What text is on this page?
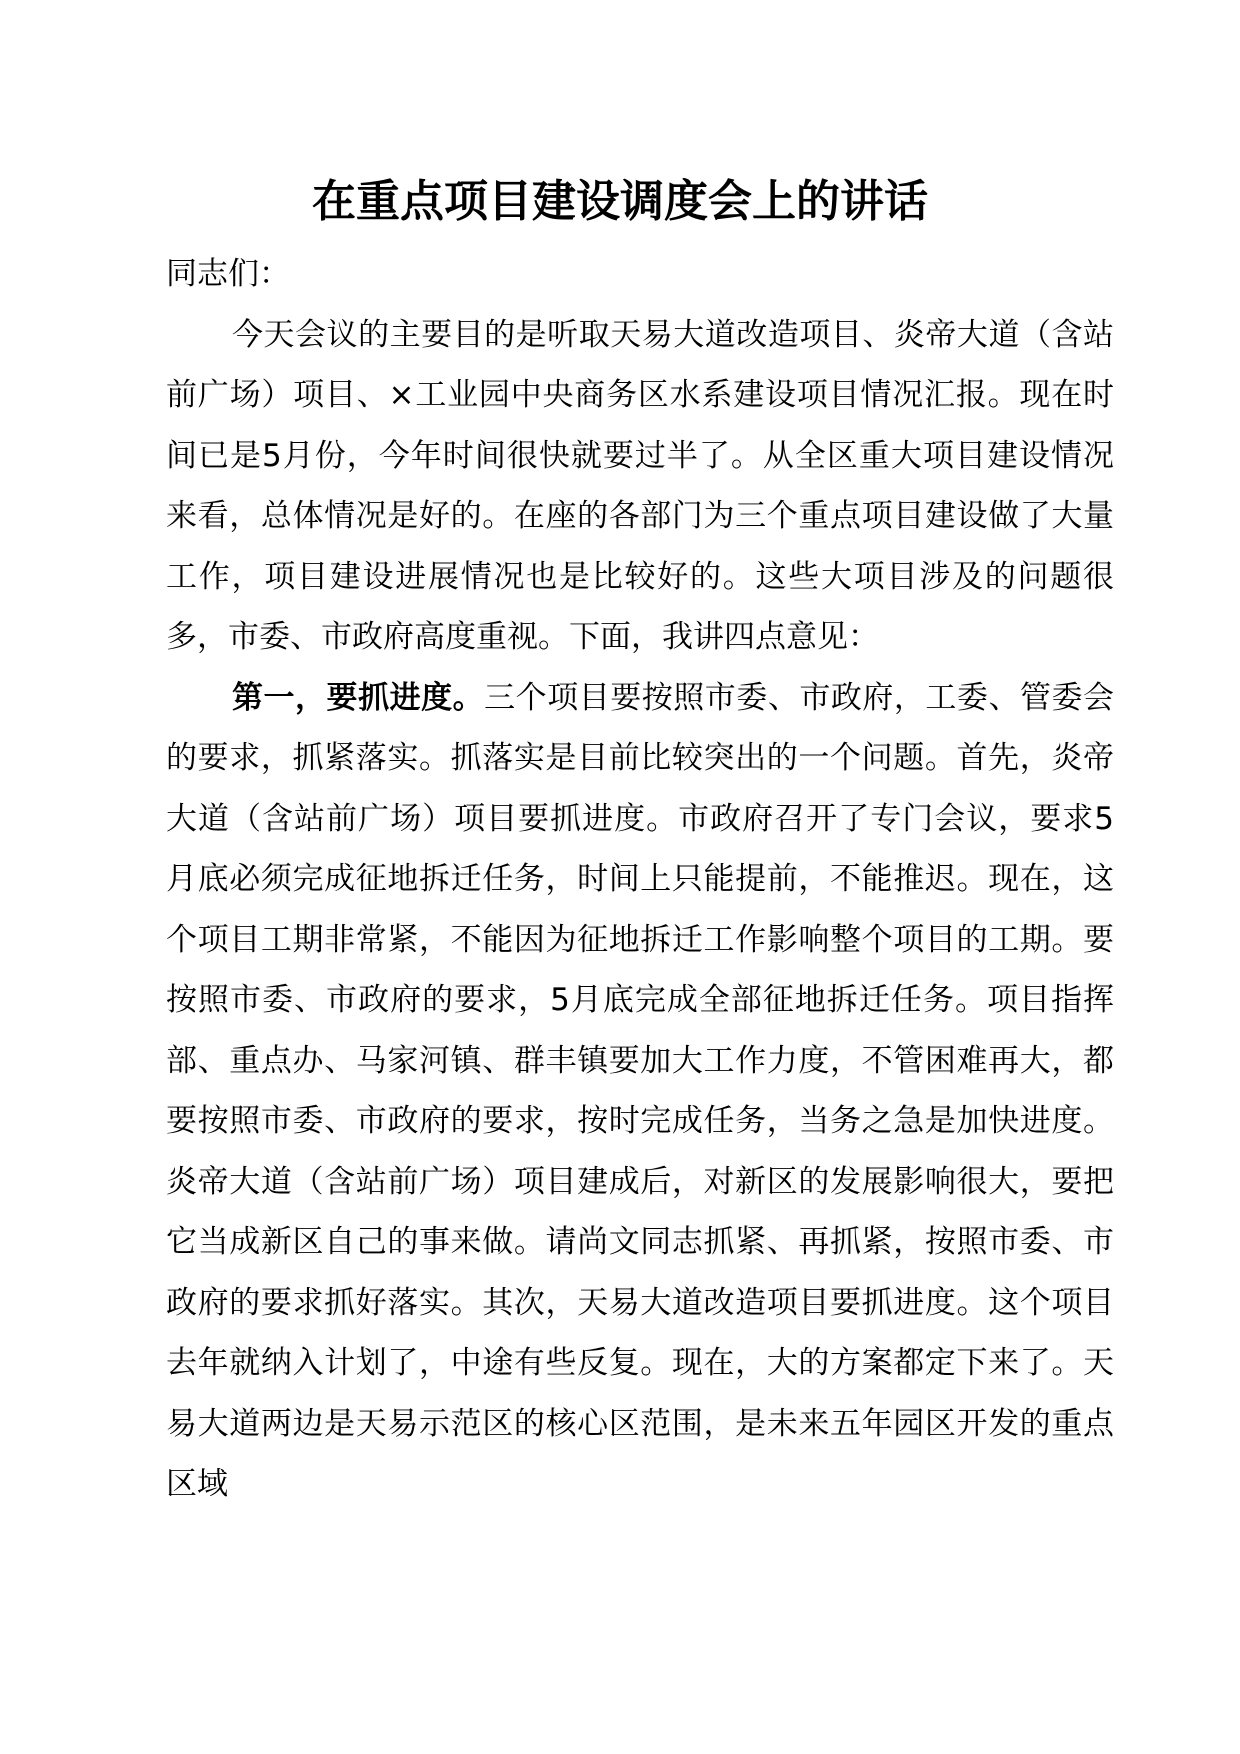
在重点项目建设调度会上的讲话

同志们：

今天会议的主要目的是听取天易大道改造项目、炎帝大道（含站前广场）项目、×工业园中央商务区水系建设项目情况汇报。现在时间已是5月份，今年时间很快就要过半了。从全区重大项目建设情况来看，总体情况是好的。在座的各部门为三个重点项目建设做了大量工作，项目建设进展情况也是比较好的。这些大项目涉及的问题很多，市委、市政府高度重视。下面，我讲四点意见：

第一，要抓进度。三个项目要按照市委、市政府，工委、管委会的要求，抓紧落实。抓落实是目前比较突出的一个问题。首先，炎帝大道（含站前广场）项目要抓进度。市政府召开了专门会议，要求5月底必须完成征地拆迁任务，时间上只能提前，不能推迟。现在，这个项目工期非常紧，不能因为征地拆迁工作影响整个项目的工期。要按照市委、市政府的要求，5月底完成全部征地拆迁任务。项目指挥部、重点办、马家河镇、群丰镇要加大工作力度，不管困难再大，都要按照市委、市政府的要求，按时完成任务，当务之急是加快进度。炎帝大道（含站前广场）项目建成后，对新区的发展影响很大，要把它当成新区自己的事来做。请尚文同志抓紧、再抓紧，按照市委、市政府的要求抓好落实。其次，天易大道改造项目要抓进度。这个项目去年就纳入计划了，中途有些反复。现在，大的方案都定下来了。天易大道两边是天易示范区的核心区范围，是未来五年园区开发的重点区域
